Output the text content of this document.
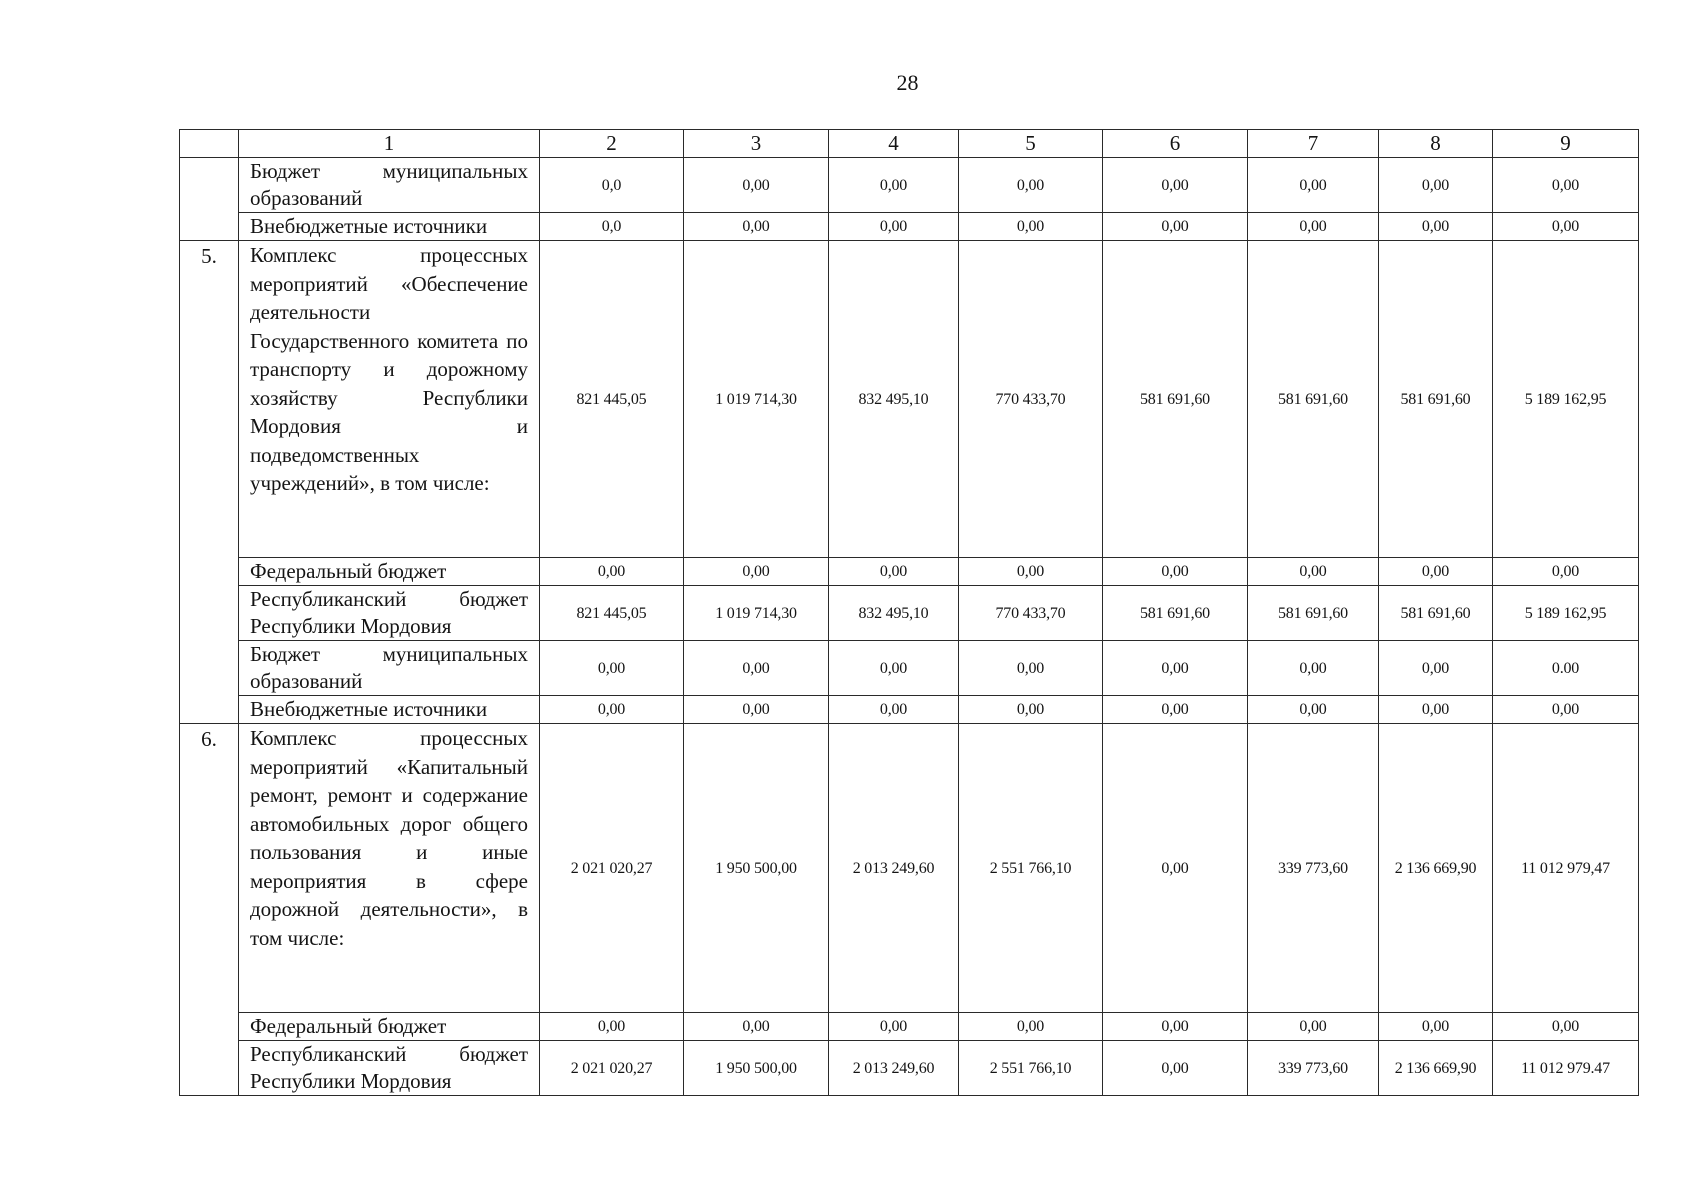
28
	1	2	3	4	5	6	7	8	9
	Бюджет муниципальных образований	0,0	0,00	0,00	0,00	0,00	0,00	0,00	0,00
	Внебюджетные источники	0,0	0,00	0,00	0,00	0,00	0,00	0,00	0,00
5.	Комплекс процессных мероприятий «Обеспечение деятельности Государственного комитета по транспорту и дорожному хозяйству Республики Мордовия и подведомственных учреждений», в том числе:	821 445,05	1 019 714,30	832 495,10	770 433,70	581 691,60	581 691,60	581 691,60	5 189 162,95
	Федеральный бюджет	0,00	0,00	0,00	0,00	0,00	0,00	0,00	0,00
	Республиканский бюджет Республики Мордовия	821 445,05	1 019 714,30	832 495,10	770 433,70	581 691,60	581 691,60	581 691,60	5 189 162,95
	Бюджет муниципальных образований	0,00	0,00	0,00	0,00	0,00	0,00	0,00	0.00
	Внебюджетные источники	0,00	0,00	0,00	0,00	0,00	0,00	0,00	0,00
6.	Комплекс процессных мероприятий «Капитальный ремонт, ремонт и содержание автомобильных дорог общего пользования и иные мероприятия в сфере дорожной деятельности», в том числе:	2 021 020,27	1 950 500,00	2 013 249,60	2 551 766,10	0,00	339 773,60	2 136 669,90	11 012 979,47
	Федеральный бюджет	0,00	0,00	0,00	0,00	0,00	0,00	0,00	0,00
	Республиканский бюджет Республики Мордовия	2 021 020,27	1 950 500,00	2 013 249,60	2 551 766,10	0,00	339 773,60	2 136 669,90	11 012 979.47
